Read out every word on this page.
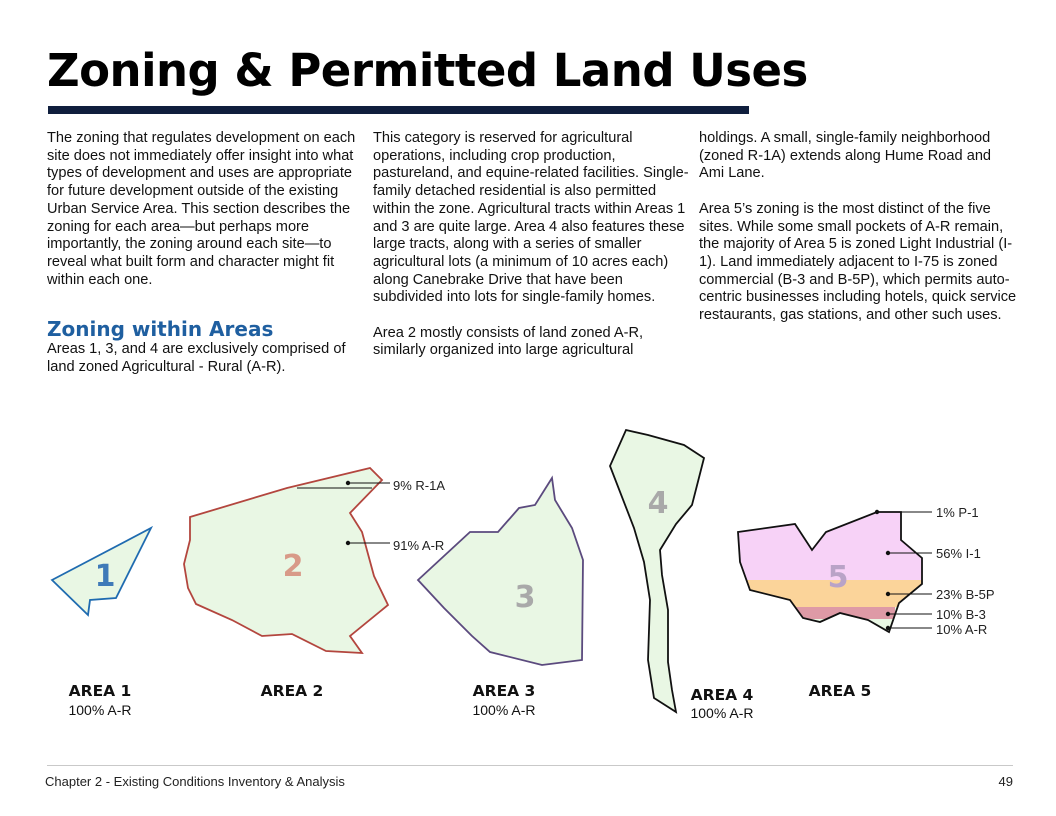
Zoning & Permitted Land Uses

The zoning that regulates development on each site does not immediately offer insight into what types of development and uses are appropriate for future development outside of the existing Urban Service Area. This section describes the zoning for each area—but perhaps more importantly, the zoning around each site—to reveal what built form and character might fit within each one.

Zoning within Areas

Areas 1, 3, and 4 are exclusively comprised of land zoned Agricultural - Rural (A-R).

This category is reserved for agricultural operations, including crop production, pastureland, and equine-related facilities. Single-family detached residential is also permitted within the zone. Agricultural tracts within Areas 1 and 3 are quite large. Area 4 also features these large tracts, along with a series of smaller agricultural lots (a minimum of 10 acres each) along Canebrake Drive that have been subdivided into lots for single-family homes.

Area 2 mostly consists of land zoned A-R, similarly organized into large agricultural

holdings. A small, single-family neighborhood (zoned R-1A) extends along Hume Road and Ami Lane.

Area 5’s zoning is the most distinct of the five sites. While some small pockets of A-R remain, the majority of Area 5 is zoned Light Industrial (I-1). Land immediately adjacent to I-75 is zoned commercial (B-3 and B-5P), which permits auto-centric businesses including hotels, quick service restaurants, gas stations, and other such uses.

1	2
9% R-1A
91% A-R
3
4
5
1% P-1
56% I-1
23% B-5P
10% B-3
10% A-R
AREA 1
100% A-R
AREA 2	AREA 3
100% A-R
AREA 4
100% A-R
AREA 5
Chapter 2 - Existing Conditions Inventory & Analysis	49
